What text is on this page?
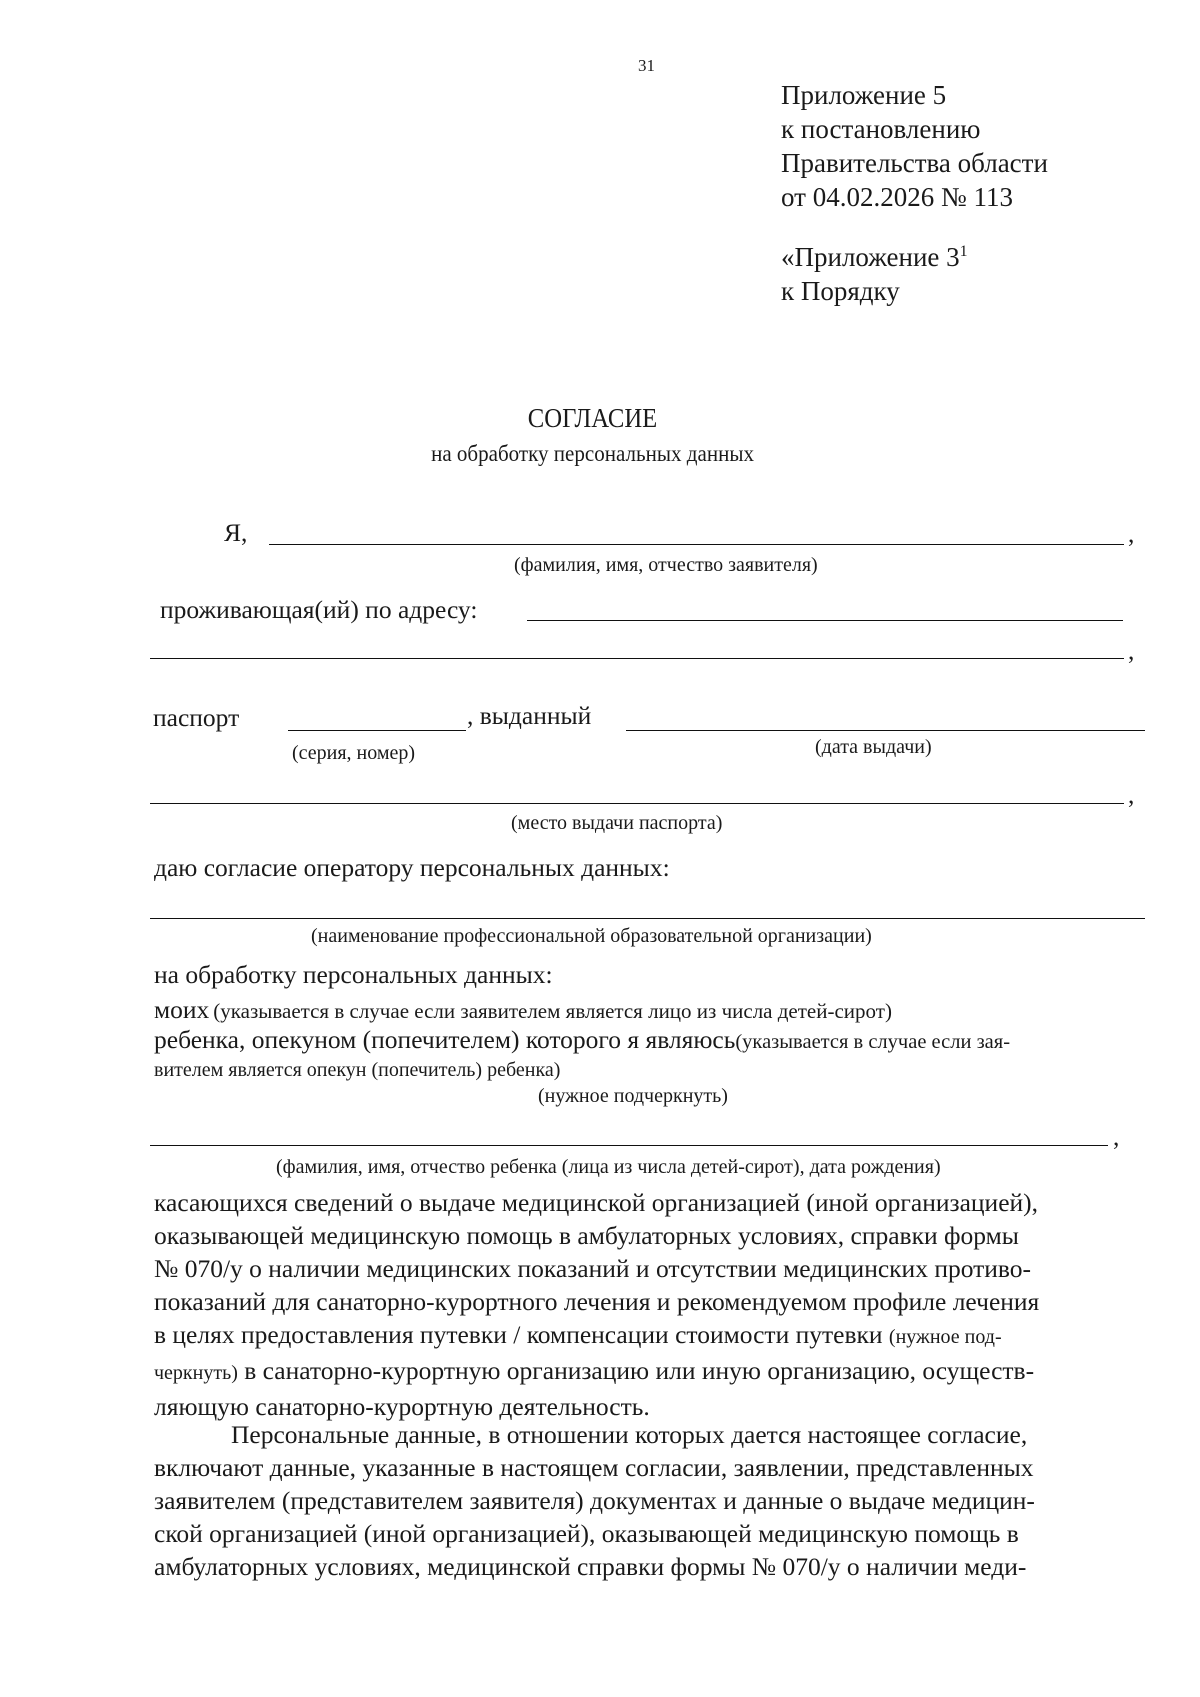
31
Приложение 5
к постановлению
Правительства области
от 04.02.2026 № 113
«Приложение $3^1$
к Порядку
СОГЛАСИЕ
на обработку персональных данных
Я,	,
(фамилия, имя, отчество заявителя)
проживающая(ий) по адресу:
,
паспорт	, выданный
(серия, номер)	(дата выдачи)
,
(место выдачи паспорта)
даю согласие оператору персональных данных:
(наименование профессиональной образовательной организации)
на обработку персональных данных:
моих (указывается в случае если заявителем является лицо из числа детей-сирот)
ребенка, опекуном (попечителем) которого я являюсь(указывается в случае если зая-
вителем является опекун (попечитель) ребенка)
(нужное подчеркнуть)
,
(фамилия, имя, отчество ребенка (лица из числа детей-сирот), дата рождения)
касающихся сведений о выдаче медицинской организацией (иной организацией),
оказывающей медицинскую помощь в амбулаторных условиях, справки формы
№ 070/у о наличии медицинских показаний и отсутствии медицинских противо-
показаний для санаторно-курортного лечения и рекомендуемом профиле лечения
в целях предоставления путевки / компенсации стоимости путевки (нужное под-
черкнуть) в санаторно-курортную организацию или иную организацию, осуществ-
ляющую санаторно-курортную деятельность.
Персональные данные, в отношении которых дается настоящее согласие,
включают данные, указанные в настоящем согласии, заявлении, представленных
заявителем (представителем заявителя) документах и данные о выдаче медицин-
ской организацией (иной организацией), оказывающей медицинскую помощь в
амбулаторных условиях, медицинской справки формы № 070/у о наличии меди-
